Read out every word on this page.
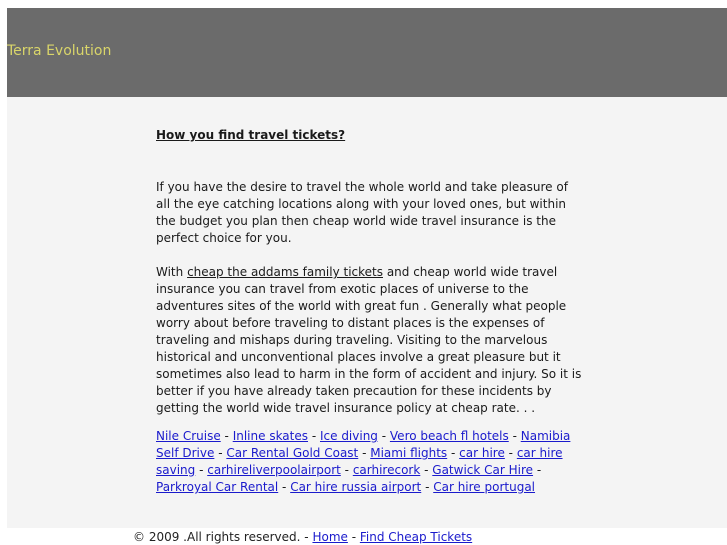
Terra Evolution
How you find travel tickets?

If you have the desire to travel the whole world and take pleasure of all the eye catching locations along with your loved ones, but within the budget you plan then cheap world wide travel insurance is the perfect choice for you.

With cheap the addams family tickets and cheap world wide travel insurance you can travel from exotic places of universe to the adventures sites of the world with great fun . Generally what people worry about before traveling to distant places is the expenses of traveling and mishaps during traveling. Visiting to the marvelous historical and unconventional places involve a great pleasure but it sometimes also lead to harm in the form of accident and injury. So it is better if you have already taken precaution for these incidents by getting the world wide travel insurance policy at cheap rate. . .

Nile Cruise - Inline skates - Ice diving - Vero beach fl hotels - Namibia Self Drive - Car Rental Gold Coast - Miami flights - car hire - car hire saving - carhireliverpoolairport - carhirecork - Gatwick Car Hire - Parkroyal Car Rental - Car hire russia airport - Car hire portugal
© 2009 .All rights reserved. - Home - Find Cheap Tickets
